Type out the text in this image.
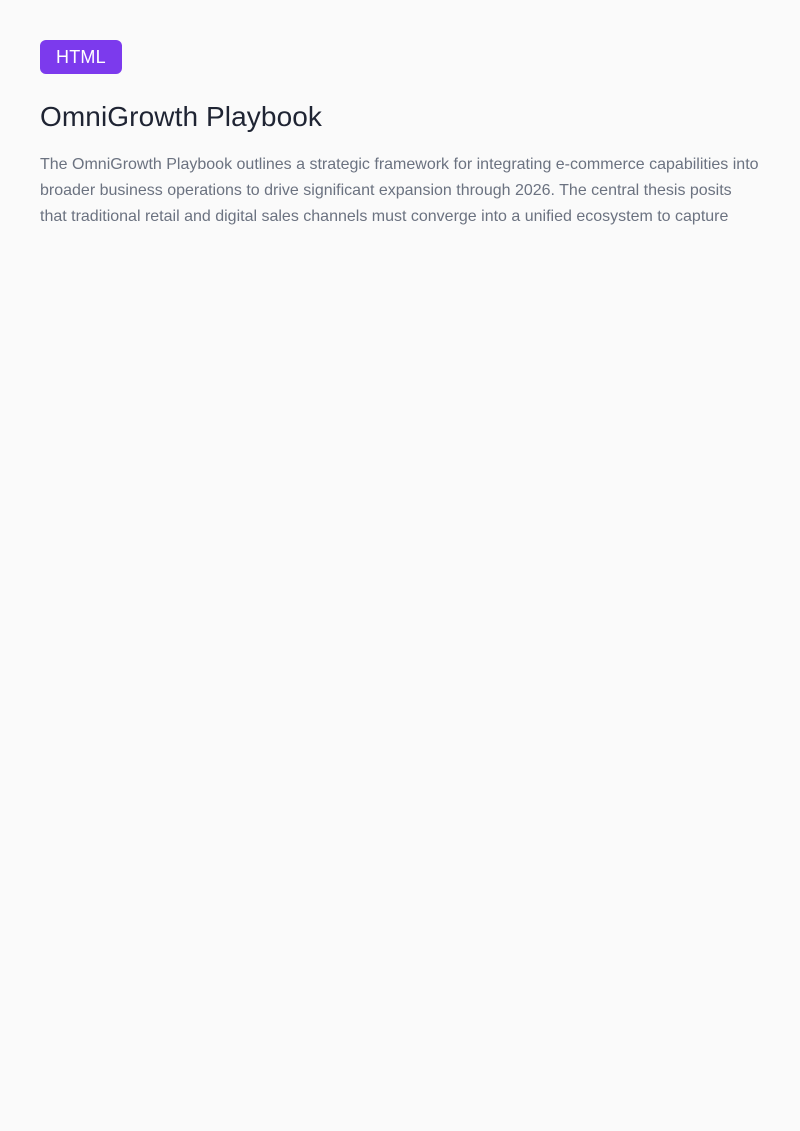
HTML
OmniGrowth Playbook

The OmniGrowth Playbook outlines a strategic framework for integrating e-commerce capabilities into broader business operations to drive significant expansion through 2026. The central thesis posits that traditional retail and digital sales channels must converge into a unified ecosystem to capture
